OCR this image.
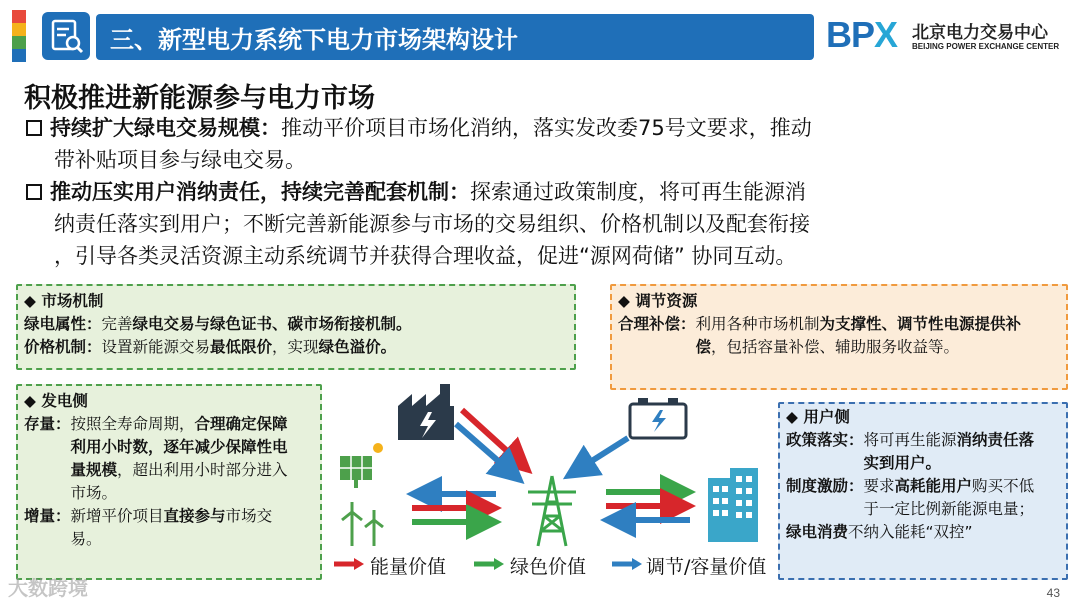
三、新型电力系统下电力市场架构设计	BPX 北京电力交易中心
BEIJING POWER EXCHANGE CENTER
积极推进新能源参与电力市场
持续扩大绿电交易规模：推动平价项目市场化消纳，落实发改委75号文要求，推动
带补贴项目参与绿电交易。
推动压实用户消纳责任，持续完善配套机制：探索通过政策制度，将可再生能源消
纳责任落实到用户；不断完善新能源参与市场的交易组织、价格机制以及配套衔接
，引导各类灵活资源主动系统调节并获得合理收益，促进“源网荷储” 协同互动。
◆ 市场机制
绿电属性： 完善绿电交易与绿色证书、碳市场衔接机制。
价格机制： 设置新能源交易最低限价，实现绿色溢价。
◆ 调节资源
合理补偿： 利用各种市场机制为支撑性、调节性电源提供补偿，包括容量补偿、辅助服务收益等。
◆ 发电侧
存量： 按照全寿命周期，合理确定保障利用小时数，逐年减少保障性电量规模，超出利用小时部分进入市场。
增量： 新增平价项目直接参与市场交易。
◆ 用户侧
政策落实： 将可再生能源消纳责任落实到用户。
制度激励： 要求高耗能用户购买不低于一定比例新能源电量；
绿电消费不纳入能耗“双控”
能量价值	绿色价值	调节/容量价值
大数跨境	43
